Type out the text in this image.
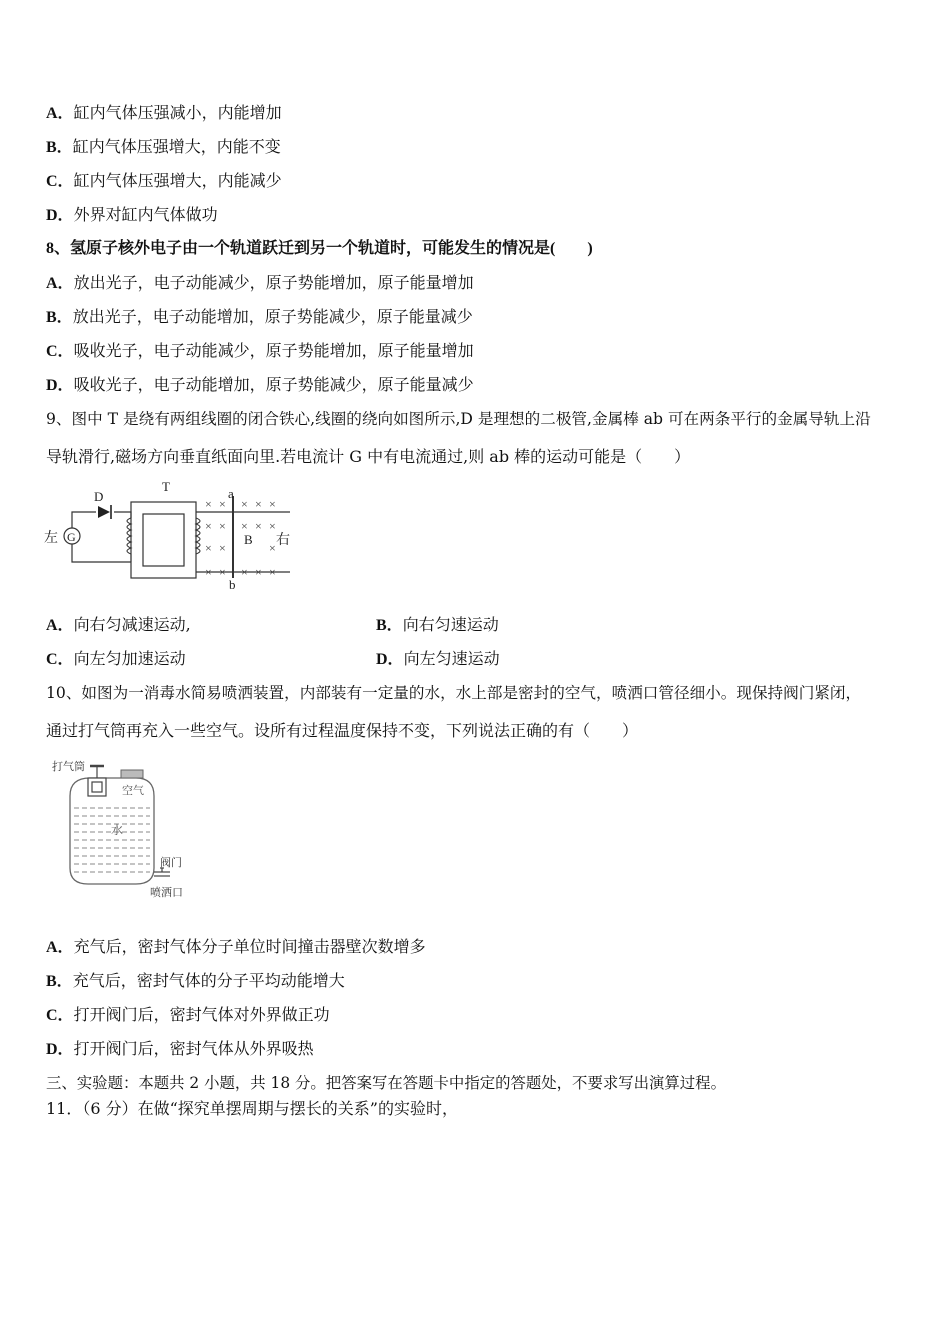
A．缸内气体压强减小，内能增加
B．缸内气体压强增大，内能不变
C．缸内气体压强增大，内能减少
D．外界对缸内气体做功
8、氢原子核外电子由一个轨道跃迁到另一个轨道时，可能发生的情况是(　　)
A．放出光子，电子动能减少，原子势能增加，原子能量增加
B．放出光子，电子动能增加，原子势能减少，原子能量减少
C．吸收光子，电子动能减少，原子势能增加，原子能量增加
D．吸收光子，电子动能增加，原子势能减少，原子能量减少
9、图中 T 是绕有两组线圈的闭合铁心,线圈的绕向如图所示,D 是理想的二极管,金属棒 ab 可在两条平行的金属导轨上沿
导轨滑行,磁场方向垂直纸面向里.若电流计 G 中有电流通过,则 ab 棒的运动可能是（　　）
G
D
T	a
b
B
左	右
× × × × ×
× × × × ×
× ×	×
× × × × ×
A．向右匀减速运动,	B．向右匀速运动
C．向左匀加速运动	D．向左匀速运动
10、如图为一消毒水简易喷洒装置，内部装有一定量的水，水上部是密封的空气，喷洒口管径细小。现保持阀门紧闭，
通过打气筒再充入一些空气。设所有过程温度保持不变，下列说法正确的有（　　）
打气筒
空气
水
阀门
喷洒口
A．充气后，密封气体分子单位时间撞击器壁次数增多
B．充气后，密封气体的分子平均动能增大
C．打开阀门后，密封气体对外界做正功
D．打开阀门后，密封气体从外界吸热
三、实验题：本题共 2 小题，共 18 分。把答案写在答题卡中指定的答题处，不要求写出演算过程。
11．（6 分）在做“探究单摆周期与摆长的关系”的实验时，
